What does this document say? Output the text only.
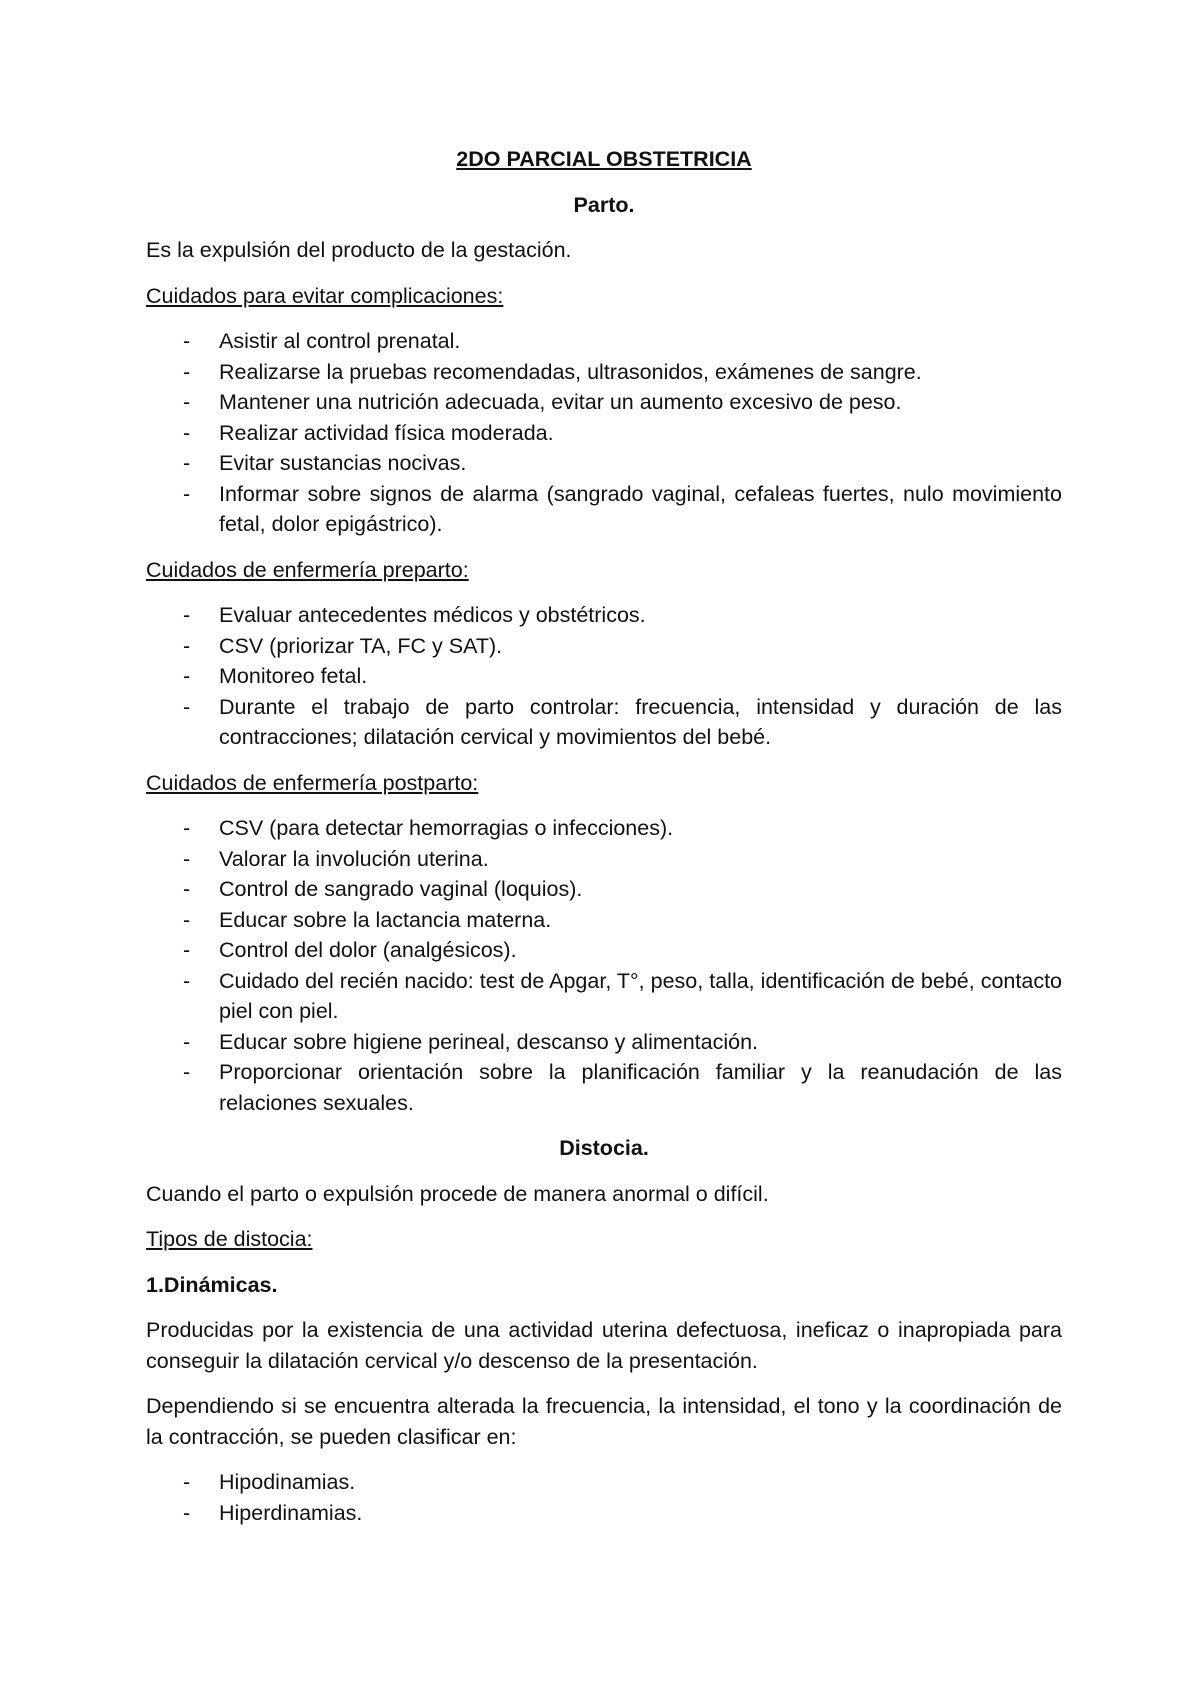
2DO PARCIAL OBSTETRICIA
Parto.
Es la expulsión del producto de la gestación.
Cuidados para evitar complicaciones:
- Asistir al control prenatal.
- Realizarse la pruebas recomendadas, ultrasonidos, exámenes de sangre.
- Mantener una nutrición adecuada, evitar un aumento excesivo de peso.
- Realizar actividad física moderada.
- Evitar sustancias nocivas.
- Informar sobre signos de alarma (sangrado vaginal, cefaleas fuertes, nulo movimiento fetal, dolor epigástrico).
Cuidados de enfermería preparto:
- Evaluar antecedentes médicos y obstétricos.
- CSV (priorizar TA, FC y SAT).
- Monitoreo fetal.
- Durante el trabajo de parto controlar: frecuencia, intensidad y duración de las contracciones; dilatación cervical y movimientos del bebé.
Cuidados de enfermería postparto:
- CSV (para detectar hemorragias o infecciones).
- Valorar la involución uterina.
- Control de sangrado vaginal (loquios).
- Educar sobre la lactancia materna.
- Control del dolor (analgésicos).
- Cuidado del recién nacido: test de Apgar, T°, peso, talla, identificación de bebé, contacto piel con piel.
- Educar sobre higiene perineal, descanso y alimentación.
- Proporcionar orientación sobre la planificación familiar y la reanudación de las relaciones sexuales.
Distocia.
Cuando el parto o expulsión procede de manera anormal o difícil.
Tipos de distocia:
1.Dinámicas.
Producidas por la existencia de una actividad uterina defectuosa, ineficaz o inapropiada para conseguir la dilatación cervical y/o descenso de la presentación.
Dependiendo si se encuentra alterada la frecuencia, la intensidad, el tono y la coordinación de la contracción, se pueden clasificar en:
- Hipodinamias.
- Hiperdinamias.
